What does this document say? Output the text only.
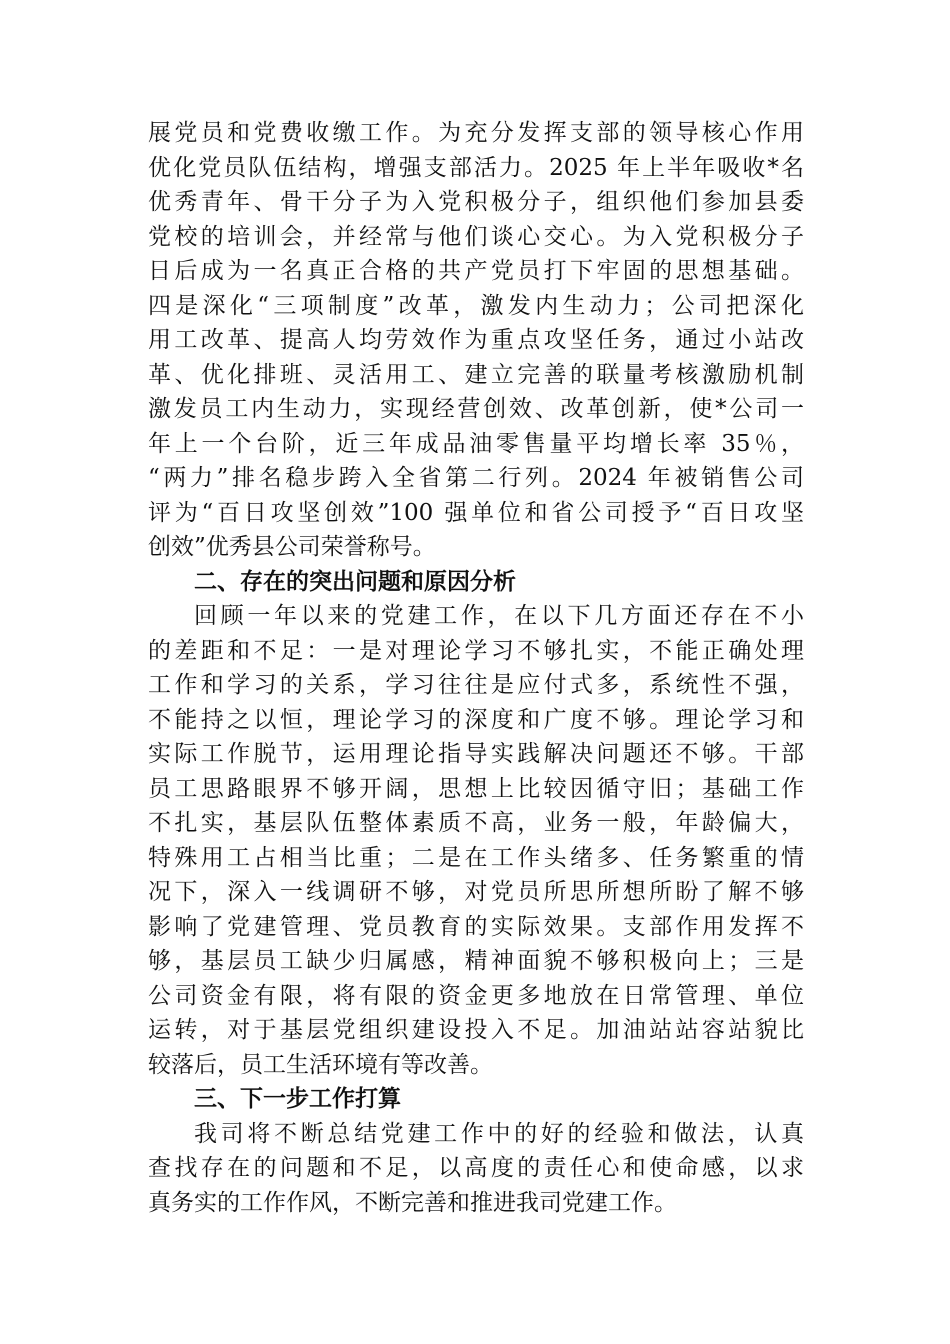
展党员和党费收缴工作。为充分发挥支部的领导核心作用
优化党员队伍结构，增强支部活力。2025 年上半年吸收*名
优秀青年、骨干分子为入党积极分子，组织他们参加县委
党校的培训会，并经常与他们谈心交心。为入党积极分子
日后成为一名真正合格的共产党员打下牢固的思想基础。
四是深化“三项制度”改革，激发内生动力；公司把深化
用工改革、提高人均劳效作为重点攻坚任务，通过小站改
革、优化排班、灵活用工、建立完善的联量考核激励机制
激发员工内生动力，实现经营创效、改革创新，使*公司一
年上一个台阶，近三年成品油零售量平均增长率 35％，
“两力”排名稳步跨入全省第二行列。2024 年被销售公司
评为“百日攻坚创效”100 强单位和省公司授予“百日攻坚
创效”优秀县公司荣誉称号。
二、存在的突出问题和原因分析
回顾一年以来的党建工作，在以下几方面还存在不小
的差距和不足：一是对理论学习不够扎实，不能正确处理
工作和学习的关系，学习往往是应付式多，系统性不强，
不能持之以恒，理论学习的深度和广度不够。理论学习和
实际工作脱节，运用理论指导实践解决问题还不够。干部
员工思路眼界不够开阔，思想上比较因循守旧；基础工作
不扎实，基层队伍整体素质不高，业务一般，年龄偏大，
特殊用工占相当比重；二是在工作头绪多、任务繁重的情
况下，深入一线调研不够，对党员所思所想所盼了解不够
影响了党建管理、党员教育的实际效果。支部作用发挥不
够，基层员工缺少归属感，精神面貌不够积极向上；三是
公司资金有限，将有限的资金更多地放在日常管理、单位
运转，对于基层党组织建设投入不足。加油站站容站貌比
较落后，员工生活环境有等改善。
三、下一步工作打算
我司将不断总结党建工作中的好的经验和做法，认真
查找存在的问题和不足，以高度的责任心和使命感，以求
真务实的工作作风，不断完善和推进我司党建工作。
